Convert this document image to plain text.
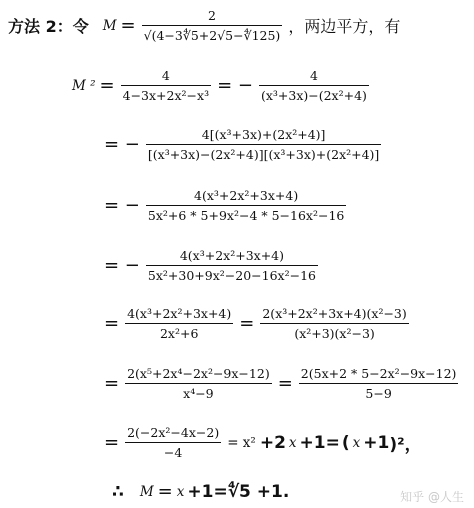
方法 2：令 $M = \frac{2}{√(4-3∜5+2√5-∜125)}$ ，两边平方，有
M $^2 = \frac{4}{\text{4−3x+2x²−x³}}$ = − $\frac{4}{\text{(x³+3x)−(2x²+4)}}$
= − $\frac{\text{4[(x³+3x)+(2x²+4)]}}{\text{[(x³+3x)−(2x²+4)][(x³+3x)+(2x²+4)]}}$
= − $\frac{\text{4(x³+2x²+3x+4)}}{\text{5x²+6 * 5+9x²−4 * 5−16x²−16}}$
= − $\frac{\text{4(x³+2x²+3x+4)}}{\text{5x²+30+9x²−20−16x²−16}}$
= $\frac{\text{4(x³+2x²+3x+4)}}{\text{2x²+6}} = \frac{\text{2(x³+2x²+3x+4)(x²−3)}}{\text{(x²+3)(x²−3)}}$
= $\frac{\text{2(x⁵+2x⁴−2x²−9x−12)}}{\text{x⁴−9}} = \frac{\text{2(5x+2 * 5−2x²−9x−12)}}{5-9}$
= $\frac{\text{2(−2x²−4x−2)}}{-4} = x^2 +2$ x +1= ( x +1 )²，
∴ M = x +1=∜5 +1.	知乎 @人生
